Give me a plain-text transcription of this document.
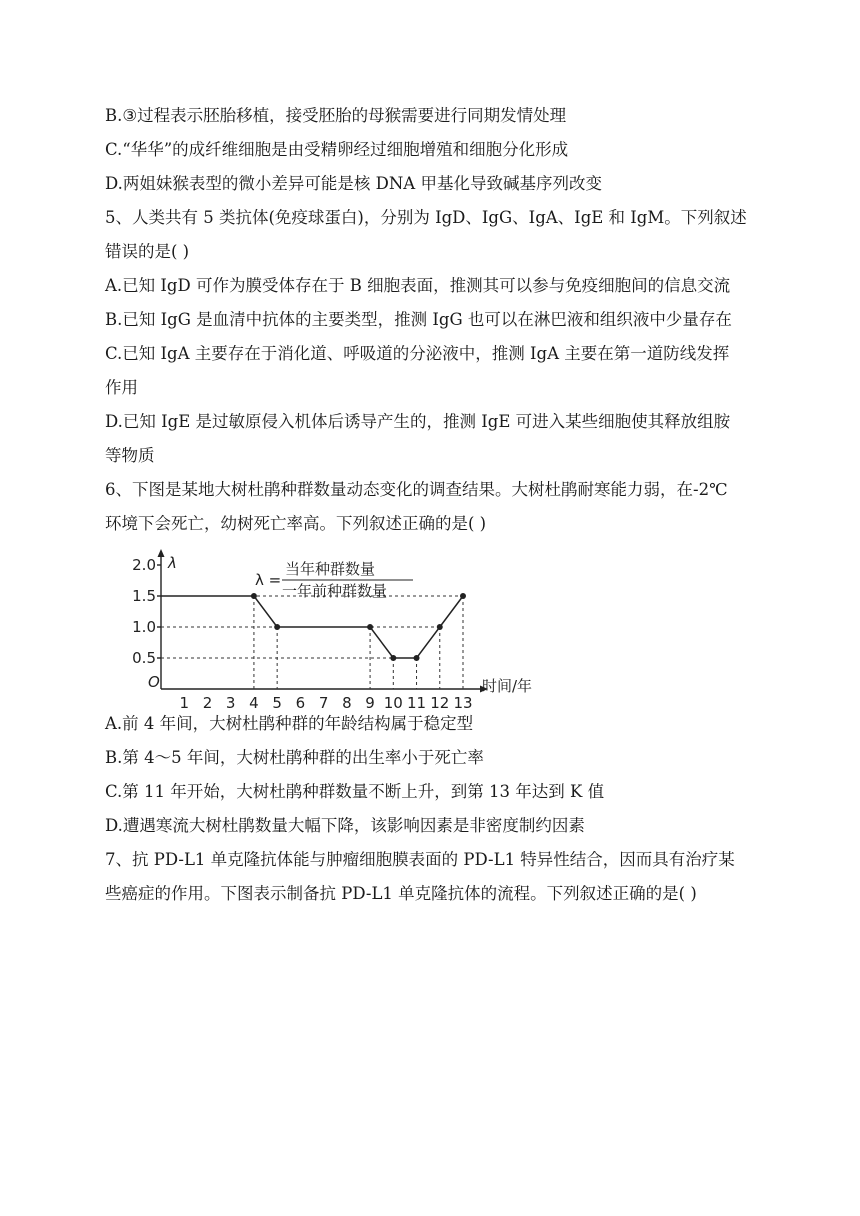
B.③过程表示胚胎移植，接受胚胎的母猴需要进行同期发情处理
C.“华华”的成纤维细胞是由受精卵经过细胞增殖和细胞分化形成
D.两姐妹猴表型的微小差异可能是核 DNA 甲基化导致碱基序列改变
5、人类共有 5 类抗体(免疫球蛋白)，分别为 IgD、IgG、IgA、IgE 和 IgM。下列叙述
错误的是( )
A.已知 IgD 可作为膜受体存在于 B 细胞表面，推测其可以参与免疫细胞间的信息交流
B.已知 IgG 是血清中抗体的主要类型，推测 IgG 也可以在淋巴液和组织液中少量存在
C.已知 IgA 主要存在于消化道、呼吸道的分泌液中，推测 IgA 主要在第一道防线发挥
作用
D.已知 IgE 是过敏原侵入机体后诱导产生的，推测 IgE 可进入某些细胞使其释放组胺
等物质
6、下图是某地大树杜鹃种群数量动态变化的调查结果。大树杜鹃耐寒能力弱，在-2℃
环境下会死亡，幼树死亡率高。下列叙述正确的是( )
λ
O	时间/年
λ =
当年种群数量
一年前种群数量
1 2 3 4 5 6 7 8 9 10 11 12 13
0.5
1.0
1.5
2.0
A.前 4 年间，大树杜鹃种群的年龄结构属于稳定型
B.第 4～5 年间，大树杜鹃种群的出生率小于死亡率
C.第 11 年开始，大树杜鹃种群数量不断上升，到第 13 年达到 K 值
D.遭遇寒流大树杜鹃数量大幅下降，该影响因素是非密度制约因素
7、抗 PD-L1 单克隆抗体能与肿瘤细胞膜表面的 PD-L1 特异性结合，因而具有治疗某
些癌症的作用。下图表示制备抗 PD-L1 单克隆抗体的流程。下列叙述正确的是( )
